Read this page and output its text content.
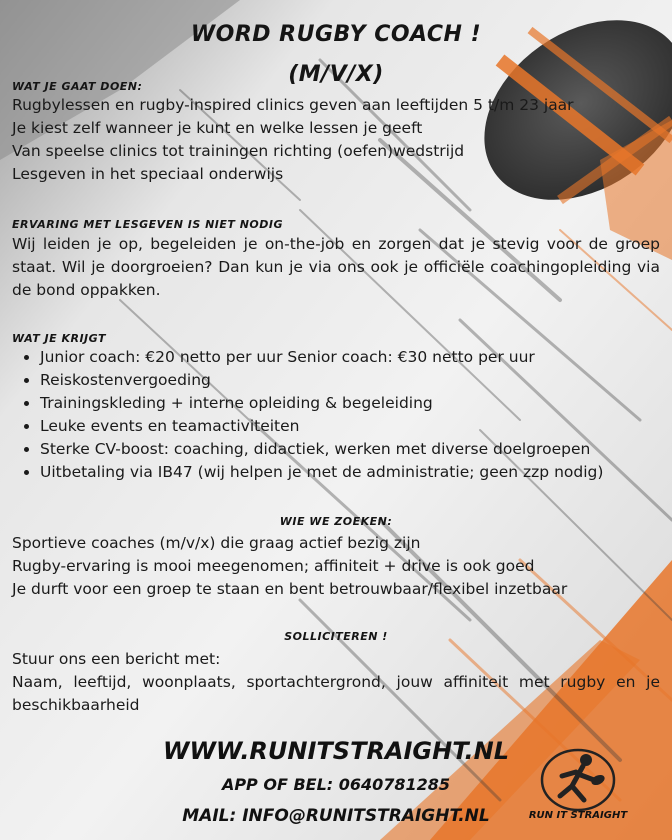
WORD RUGBY COACH !
(M/V/X)
WAT JE GAAT DOEN:
Rugbylessen en rugby-inspired clinics geven aan leeftijden 5 t/m 23 jaar
Je kiest zelf wanneer je kunt en welke lessen je geeft
Van speelse clinics tot trainingen richting (oefen)wedstrijd
Lesgeven in het speciaal onderwijs
ERVARING MET LESGEVEN IS NIET NODIG
Wij leiden je op, begeleiden je on-the-job en zorgen dat je stevig voor de groep staat. Wil je doorgroeien? Dan kun je via ons ook je officiële coachingopleiding via de bond oppakken.
WAT JE KRIJGT
• Junior coach: €20 netto per uur Senior coach: €30 netto per uur
• Reiskostenvergoeding
• Trainingskleding + interne opleiding & begeleiding
• Leuke events en teamactiviteiten
• Sterke CV-boost: coaching, didactiek, werken met diverse doelgroepen
• Uitbetaling via IB47 (wij helpen je met de administratie; geen zzp nodig)
WIE WE ZOEKEN:
Sportieve coaches (m/v/x) die graag actief bezig zijn
Rugby-ervaring is mooi meegenomen; affiniteit + drive is ook goed
Je durft voor een groep te staan en bent betrouwbaar/flexibel inzetbaar
SOLLICITEREN !
Stuur ons een bericht met:
Naam, leeftijd, woonplaats, sportachtergrond, jouw affiniteit met rugby en je beschikbaarheid
WWW.RUNITSTRAIGHT.NL
APP OF BEL: 0640781285
MAIL: INFO@RUNITSTRAIGHT.NL	RUN IT STRAIGHT
